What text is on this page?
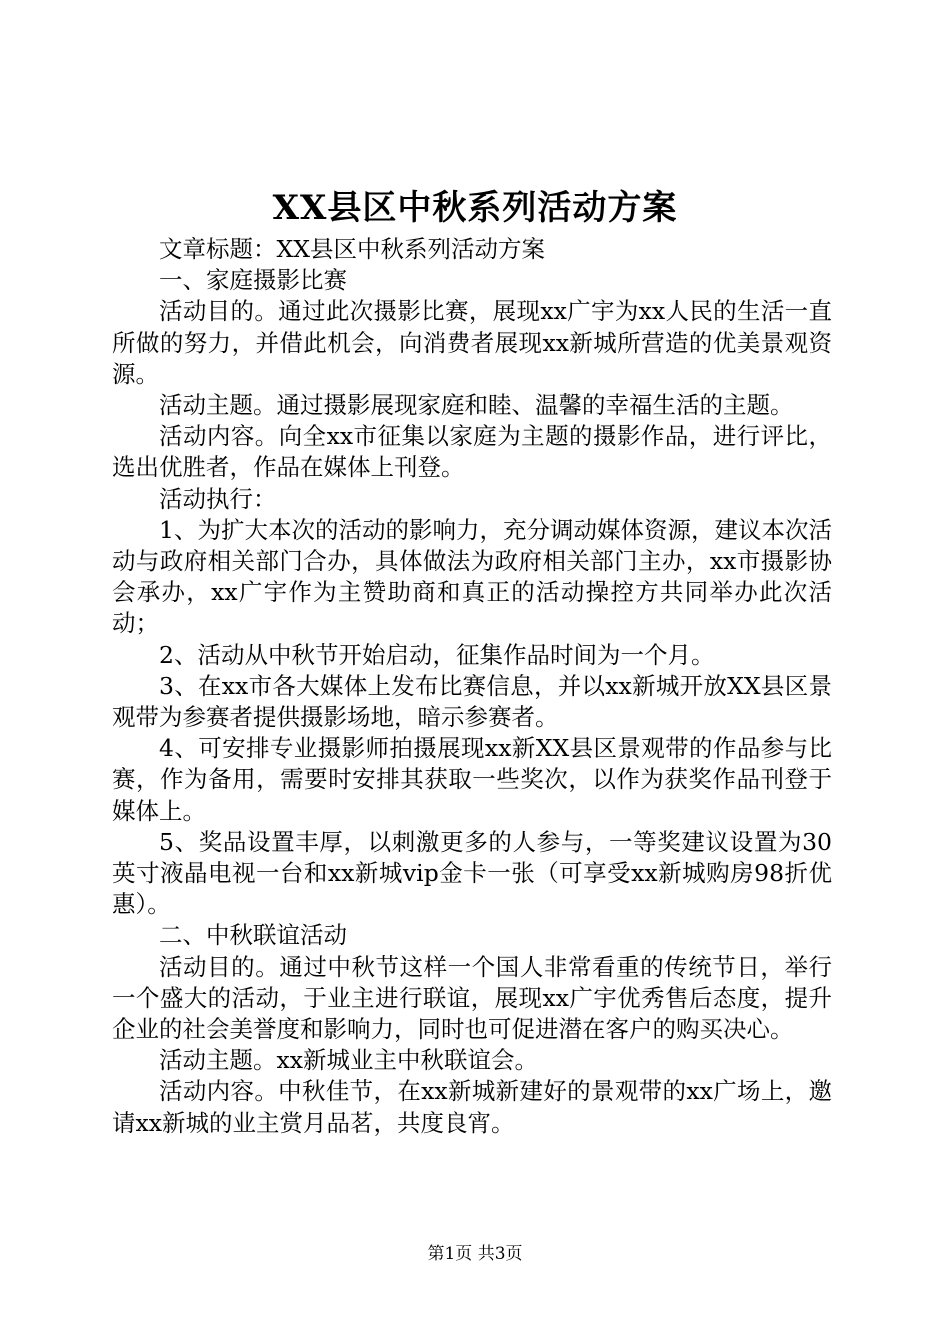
XX县区中秋系列活动方案

文章标题：XX县区中秋系列活动方案

一、家庭摄影比赛

活动目的。通过此次摄影比赛，展现xx广宇为xx人民的生活一直所做的努力，并借此机会，向消费者展现xx新城所营造的优美景观资源。

活动主题。通过摄影展现家庭和睦、温馨的幸福生活的主题。

活动内容。向全xx市征集以家庭为主题的摄影作品，进行评比，选出优胜者，作品在媒体上刊登。

活动执行：

1、为扩大本次的活动的影响力，充分调动媒体资源，建议本次活动与政府相关部门合办，具体做法为政府相关部门主办，xx市摄影协会承办，xx广宇作为主赞助商和真正的活动操控方共同举办此次活动；

2、活动从中秋节开始启动，征集作品时间为一个月。

3、在xx市各大媒体上发布比赛信息，并以xx新城开放XX县区景观带为参赛者提供摄影场地，暗示参赛者。

4、可安排专业摄影师拍摄展现xx新XX县区景观带的作品参与比赛，作为备用，需要时安排其获取一些奖次，以作为获奖作品刊登于媒体上。

5、奖品设置丰厚，以刺激更多的人参与，一等奖建议设置为30英寸液晶电视一台和xx新城vip金卡一张（可享受xx新城购房98折优惠）。

二、中秋联谊活动

活动目的。通过中秋节这样一个国人非常看重的传统节日，举行一个盛大的活动，于业主进行联谊，展现xx广宇优秀售后态度，提升企业的社会美誉度和影响力，同时也可促进潜在客户的购买决心。

活动主题。xx新城业主中秋联谊会。

活动内容。中秋佳节，在xx新城新建好的景观带的xx广场上，邀请xx新城的业主赏月品茗，共度良宵。

第1页 共3页
